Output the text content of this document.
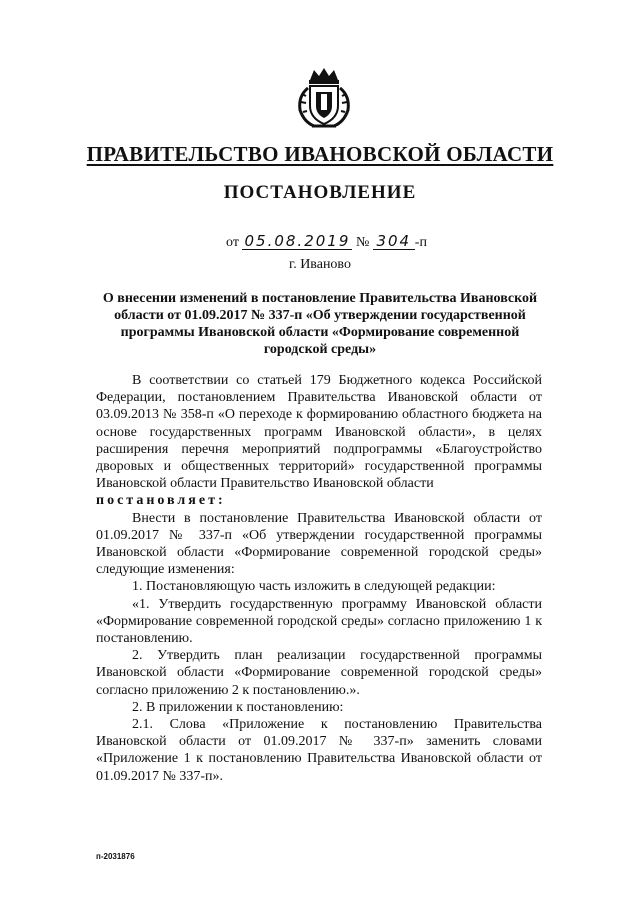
ПРАВИТЕЛЬСТВО ИВАНОВСКОЙ ОБЛАСТИ
ПОСТАНОВЛЕНИЕ
от 05.08.2019 № 304 -п
г. Иваново
О внесении изменений в постановление Правительства Ивановской области от 01.09.2017 № 337-п «Об утверждении государственной программы Ивановской области «Формирование современной городской среды»

В соответствии со статьей 179 Бюджетного кодекса Российской Федерации, постановлением Правительства Ивановской области от 03.09.2013 № 358-п «О переходе к формированию областного бюджета на основе государственных программ Ивановской области», в целях расширения перечня мероприятий подпрограммы «Благоустройство дворовых и общественных территорий» государственной программы Ивановской области Правительство Ивановской области

постановляет:

Внести в постановление Правительства Ивановской области от 01.09.2017 № 337-п «Об утверждении государственной программы Ивановской области «Формирование современной городской среды» следующие изменения:

1. Постановляющую часть изложить в следующей редакции:

«1. Утвердить государственную программу Ивановской области «Формирование современной городской среды» согласно приложению 1 к постановлению.

2. Утвердить план реализации государственной программы Ивановской области «Формирование современной городской среды» согласно приложению 2 к постановлению.».

2. В приложении к постановлению:

2.1. Слова «Приложение к постановлению Правительства Ивановской области от 01.09.2017 № 337-п» заменить словами «Приложение 1 к постановлению Правительства Ивановской области от 01.09.2017 № 337-п».

п-2031876
